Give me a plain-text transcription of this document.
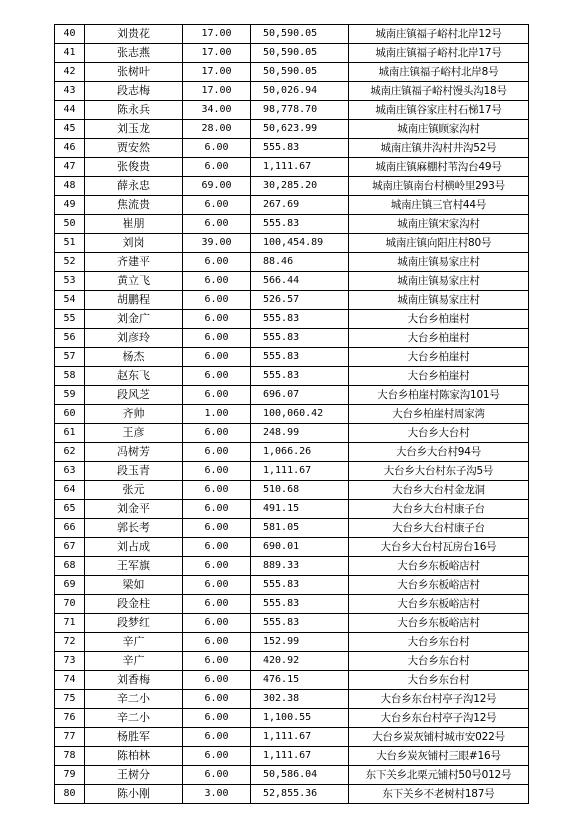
40	刘贵花	17.00	50,590.05	城南庄镇福子峪村北岸12号
41	张志燕	17.00	50,590.05	城南庄镇福子峪村北岸17号
42	张树叶	17.00	50,590.05	城南庄镇福子峪村北岸8号
43	段志梅	17.00	50,026.94	城南庄镇福子峪村馒头沟18号
44	陈永兵	34.00	98,778.70	城南庄镇谷家庄村石梯17号
45	刘玉龙	28.00	50,623.99	城南庄镇顾家沟村
46	贾安然	6.00	555.83	城南庄镇井沟村井沟52号
47	张俊贵	6.00	1,111.67	城南庄镇麻棚村苇沟台49号
48	薛永忠	69.00	30,285.20	城南庄镇南台村横岭里293号
49	焦流贵	6.00	267.69	城南庄镇三官村44号
50	崔朋	6.00	555.83	城南庄镇宋家沟村
51	刘岗	39.00	100,454.89	城南庄镇向阳庄村80号
52	齐建平	6.00	88.46	城南庄镇易家庄村
53	黄立飞	6.00	566.44	城南庄镇易家庄村
54	胡鹏程	6.00	526.57	城南庄镇易家庄村
55	刘金广	6.00	555.83	大台乡柏崖村
56	刘彦玲	6.00	555.83	大台乡柏崖村
57	杨杰	6.00	555.83	大台乡柏崖村
58	赵东飞	6.00	555.83	大台乡柏崖村
59	段风芝	6.00	696.07	大台乡柏崖村陈家沟101号
60	齐帅	1.00	100,060.42	大台乡柏崖村周家湾
61	王彦	6.00	248.99	大台乡大台村
62	冯树芳	6.00	1,066.26	大台乡大台村94号
63	段玉青	6.00	1,111.67	大台乡大台村东子沟5号
64	张元	6.00	510.68	大台乡大台村金龙洞
65	刘金平	6.00	491.15	大台乡大台村康子台
66	郭长考	6.00	581.05	大台乡大台村康子台
67	刘占成	6.00	690.01	大台乡大台村瓦房台16号
68	王军旗	6.00	889.33	大台乡东板峪店村
69	梁如	6.00	555.83	大台乡东板峪店村
70	段金柱	6.00	555.83	大台乡东板峪店村
71	段梦红	6.00	555.83	大台乡东板峪店村
72	辛广	6.00	152.99	大台乡东台村
73	辛广	6.00	420.92	大台乡东台村
74	刘香梅	6.00	476.15	大台乡东台村
75	辛二小	6.00	302.38	大台乡东台村亭子沟12号
76	辛二小	6.00	1,100.55	大台乡东台村亭子沟12号
77	杨胜军	6.00	1,111.67	大台乡炭灰铺村城市安022号
78	陈柏林	6.00	1,111.67	大台乡炭灰铺村三眼#16号
79	王树分	6.00	50,586.04	东下关乡北栗元铺村50号012号
80	陈小刚	3.00	52,855.36	东下关乡不老树村187号
